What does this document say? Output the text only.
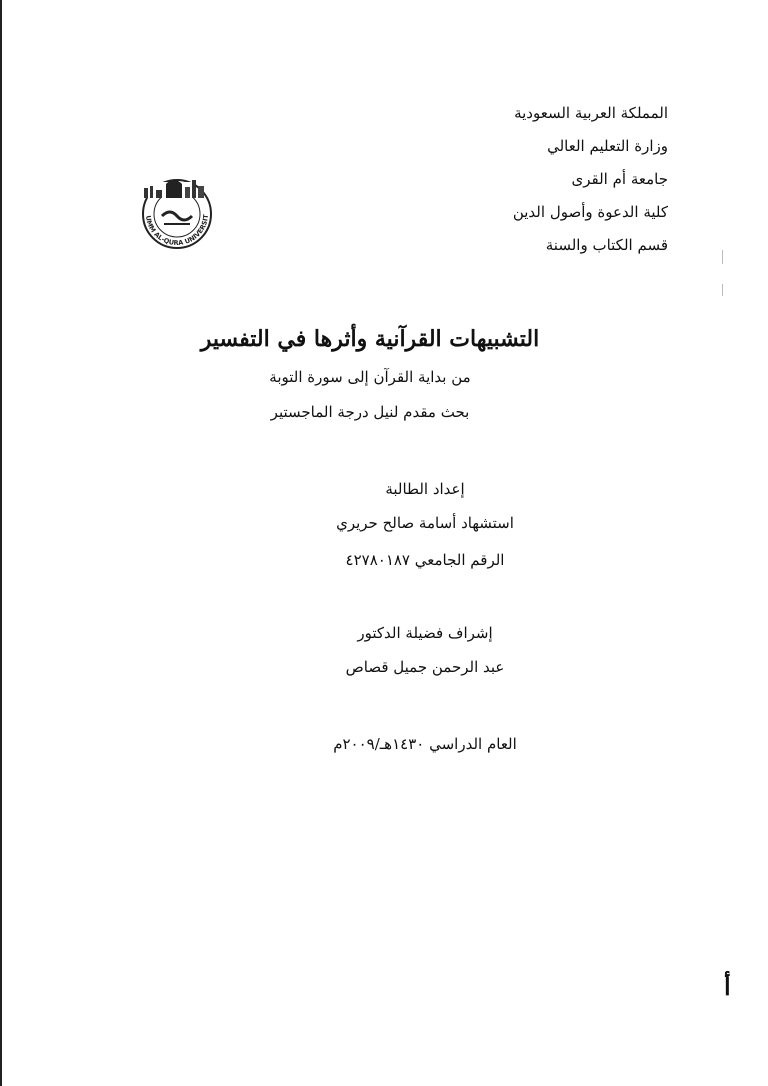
المملكة العربية السعودية
وزارة التعليم العالي
جامعة أم القرى
كلية الدعوة وأصول الدين
قسم الكتاب والسنة
UMM AL-QURA UNIVERSIT
التشبيهات القرآنية وأثرها في التفسير
من بداية القرآن إلى سورة التوبة
بحث مقدم لنيل درجة الماجستير
إعداد الطالبة
استشهاد أسامة صالح حريري
الرقم الجامعي ٤٢٧٨٠١٨٧
إشراف فضيلة الدكتور
عبد الرحمن جميل قصاص
العام الدراسي ١٤٣٠هـ/٢٠٠٩م
أ
